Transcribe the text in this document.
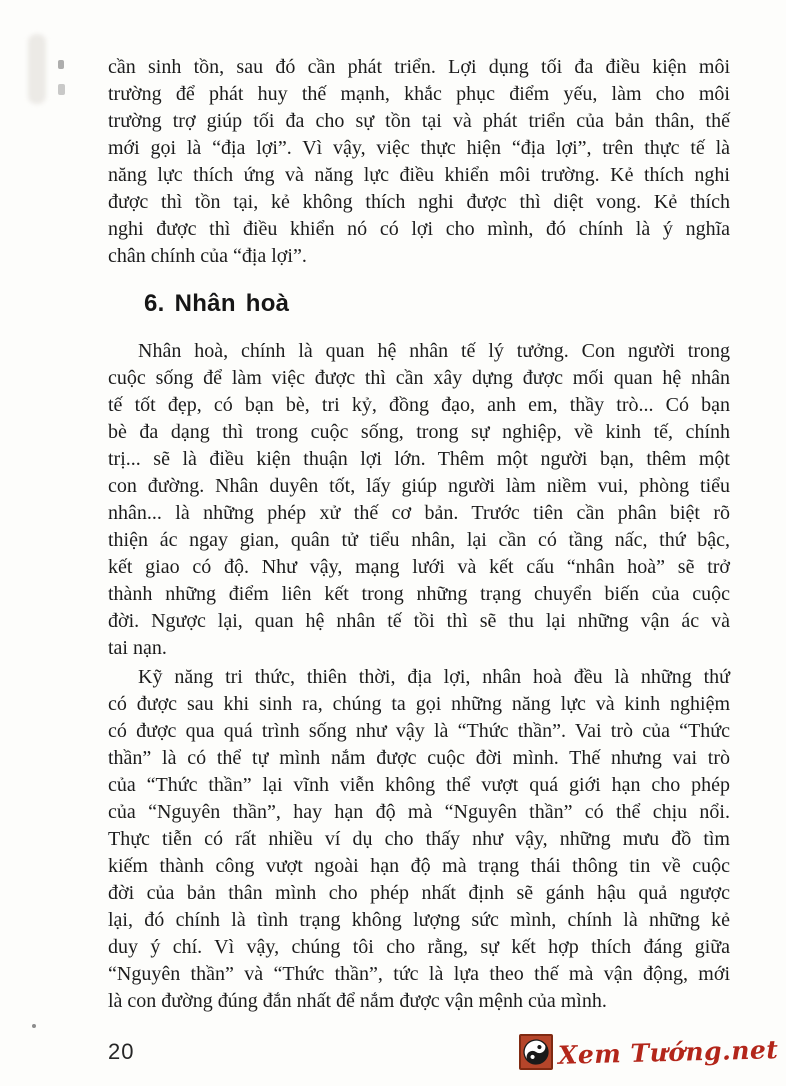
cần sinh tồn, sau đó cần phát triển. Lợi dụng tối đa điều kiện môi
trường để phát huy thế mạnh, khắc phục điểm yếu, làm cho môi
trường trợ giúp tối đa cho sự tồn tại và phát triển của bản thân, thế
mới gọi là “địa lợi”. Vì vậy, việc thực hiện “địa lợi”, trên thực tế là
năng lực thích ứng và năng lực điều khiển môi trường. Kẻ thích nghi
được thì tồn tại, kẻ không thích nghi được thì diệt vong. Kẻ thích
nghi được thì điều khiển nó có lợi cho mình, đó chính là ý nghĩa
chân chính của “địa lợi”.
6. Nhân hoà
Nhân hoà, chính là quan hệ nhân tế lý tưởng. Con người trong
cuộc sống để làm việc được thì cần xây dựng được mối quan hệ nhân
tế tốt đẹp, có bạn bè, tri kỷ, đồng đạo, anh em, thầy trò... Có bạn
bè đa dạng thì trong cuộc sống, trong sự nghiệp, về kinh tế, chính
trị... sẽ là điều kiện thuận lợi lớn. Thêm một người bạn, thêm một
con đường. Nhân duyên tốt, lấy giúp người làm niềm vui, phòng tiểu
nhân... là những phép xử thế cơ bản. Trước tiên cần phân biệt rõ
thiện ác ngay gian, quân tử tiểu nhân, lại cần có tầng nấc, thứ bậc,
kết giao có độ. Như vậy, mạng lưới và kết cấu “nhân hoà” sẽ trở
thành những điểm liên kết trong những trạng chuyển biến của cuộc
đời. Ngược lại, quan hệ nhân tế tồi thì sẽ thu lại những vận ác và
tai nạn.
Kỹ năng tri thức, thiên thời, địa lợi, nhân hoà đều là những thứ
có được sau khi sinh ra, chúng ta gọi những năng lực và kinh nghiệm
có được qua quá trình sống như vậy là “Thức thần”. Vai trò của “Thức
thần” là có thể tự mình nắm được cuộc đời mình. Thế nhưng vai trò
của “Thức thần” lại vĩnh viễn không thể vượt quá giới hạn cho phép
của “Nguyên thần”, hay hạn độ mà “Nguyên thần” có thể chịu nổi.
Thực tiễn có rất nhiều ví dụ cho thấy như vậy, những mưu đồ tìm
kiếm thành công vượt ngoài hạn độ mà trạng thái thông tin về cuộc
đời của bản thân mình cho phép nhất định sẽ gánh hậu quả ngược
lại, đó chính là tình trạng không lượng sức mình, chính là những kẻ
duy ý chí. Vì vậy, chúng tôi cho rằng, sự kết hợp thích đáng giữa
“Nguyên thần” và “Thức thần”, tức là lựa theo thế mà vận động, mới
là con đường đúng đắn nhất để nắm được vận mệnh của mình.
20	Xem Tướng.net
